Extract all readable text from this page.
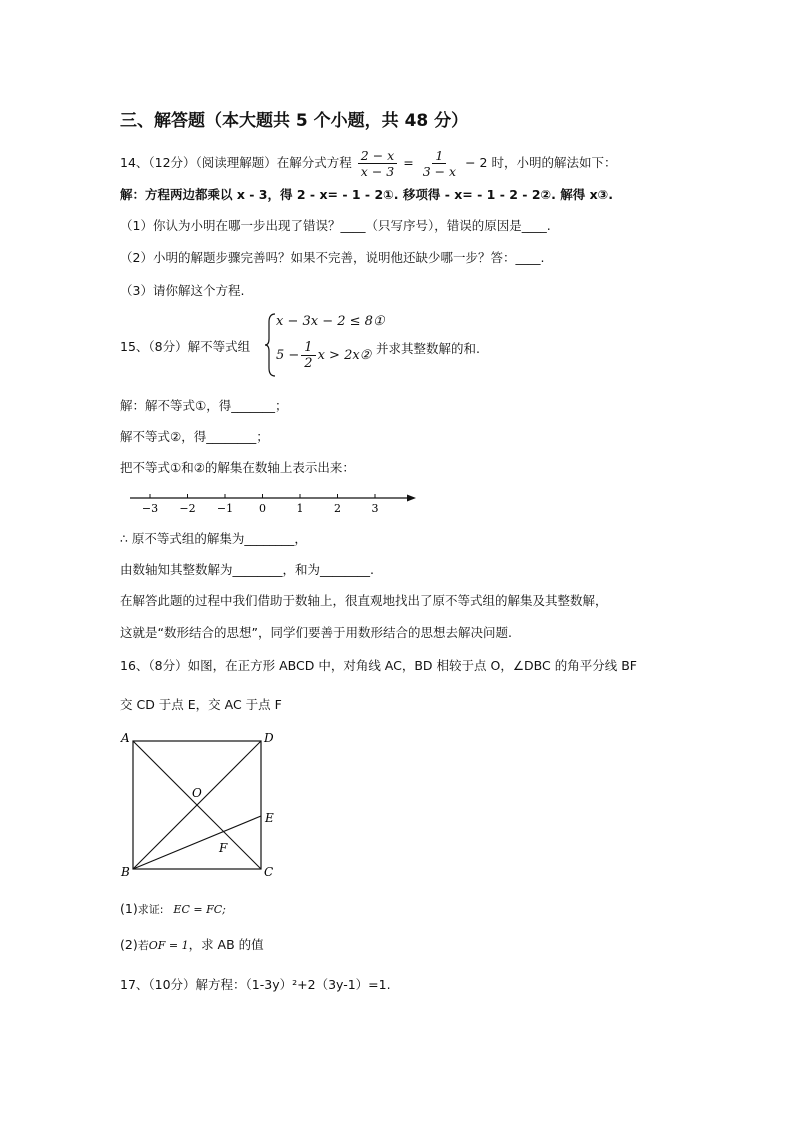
三、解答题（本大题共 5 个小题，共 48 分）
14、（12分）（阅读理解题）在解分式方程 $\frac{2 - x}{x - 3} = \frac{1}{3 - x} - 2$ 时，小明的解法如下：
解：方程两边都乘以 x - 3，得 2 - x= - 1 - 2①. 移项得 - x= - 1 - 2 - 2②. 解得 x③.
（1）你认为小明在哪一步出现了错误？____（只写序号），错误的原因是____.
（2）小明的解题步骤完善吗？如果不完善，说明他还缺少哪一步？答：____.
（3）请你解这个方程.
15、（8分）解不等式组
x − 3x − 2 ≤ 8①
$5 - \frac{1}{2}$ x > 2x② 并求其整数解的和.
解：解不等式①，得_______；
解不等式②，得________；
把不等式①和②的解集在数轴上表示出来：
−3 −2 −1 0	1	2	3
∴ 原不等式组的解集为________，
由数轴知其整数解为________，和为________.
在解答此题的过程中我们借助于数轴上，很直观地找出了原不等式组的解集及其整数解，
这就是“数形结合的思想”，同学们要善于用数形结合的思想去解决问题.
16、（8分）如图，在正方形 ABCD 中，对角线 AC，BD 相较于点 O，∠DBC 的角平分线 BF
交 CD 于点 E，交 AC 于点 F
A	D
B	C
O
E
F
(1)求证: EC = FC;
(2)若OF = 1，求 AB 的值
17、（10分）解方程：（1-3y）²+2（3y-1）=1.
